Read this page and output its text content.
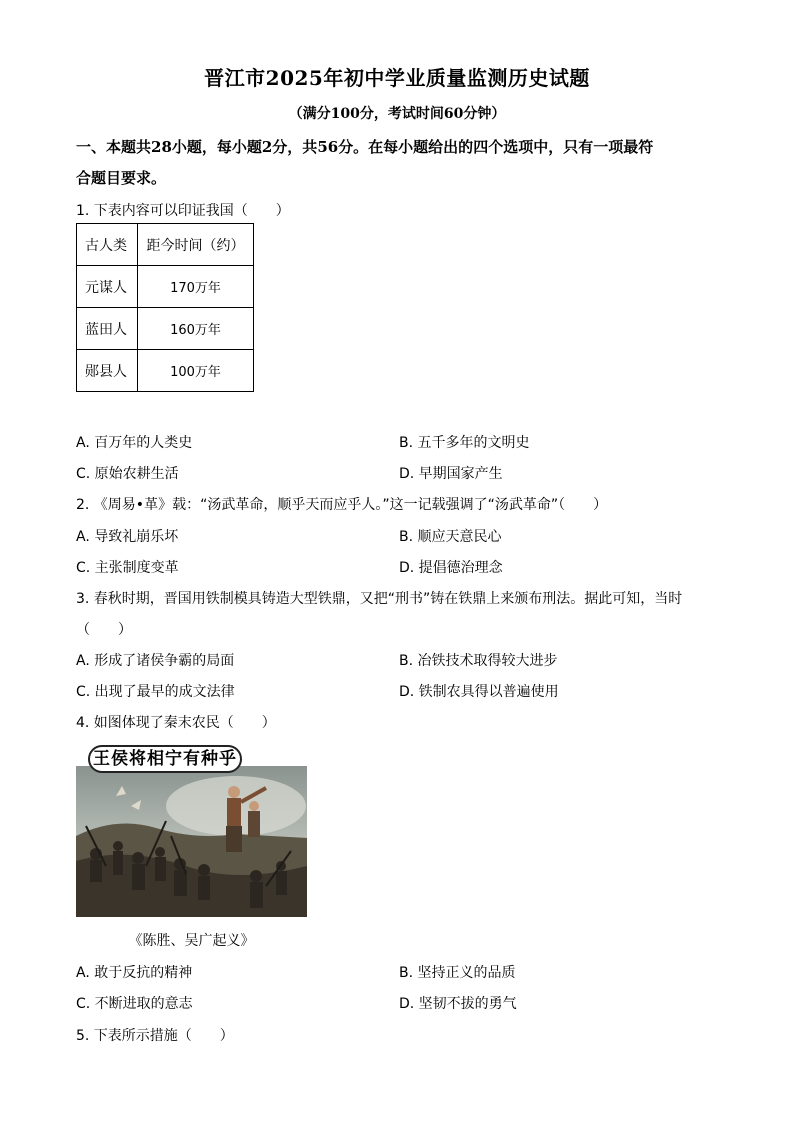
晋江市2025年初中学业质量监测历史试题
（满分100分，考试时间60分钟）
一、本题共28小题，每小题2分，共56分。在每小题给出的四个选项中，只有一项最符
合题目要求。
1. 下表内容可以印证我国（　　）
古人类	距今时间（约）
元谋人	170万年
蓝田人	160万年
郧县人	100万年
A. 百万年的人类史	B. 五千多年的文明史
C. 原始农耕生活	D. 早期国家产生
2. 《周易•革》载：“汤武革命，顺乎天而应乎人。”这一记载强调了“汤武革命”（　　）
A. 导致礼崩乐坏	B. 顺应天意民心
C. 主张制度变革	D. 提倡德治理念
3. 春秋时期，晋国用铁制模具铸造大型铁鼎，又把“刑书”铸在铁鼎上来颁布刑法。据此可知，当时
（　　）
A. 形成了诸侯争霸的局面	B. 冶铁技术取得较大进步
C. 出现了最早的成文法律	D. 铁制农具得以普遍使用
4. 如图体现了秦末农民（　　）
王侯将相宁有种乎
《陈胜、吴广起义》
A. 敢于反抗的精神	B. 坚持正义的品质
C. 不断进取的意志	D. 坚韧不拔的勇气
5. 下表所示措施（　　）
